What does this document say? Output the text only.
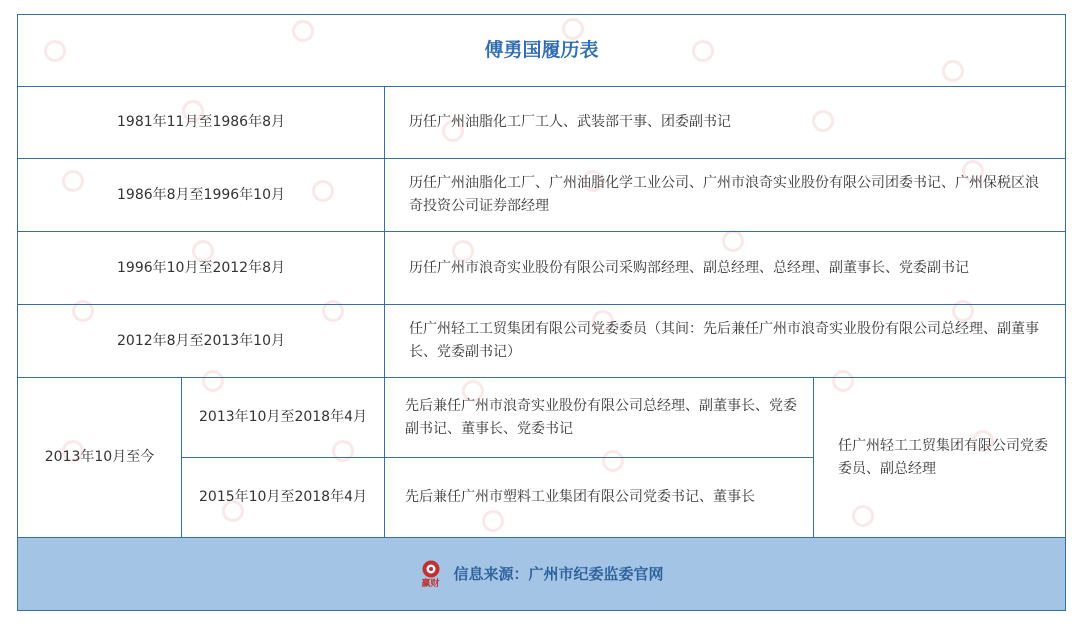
傅勇国履历表			
1981年11月至1986年8月		历任广州油脂化工厂工人、武装部干事、团委副书记	
1986年8月至1996年10月		历任广州油脂化工厂、广州油脂化学工业公司、广州市浪奇实业股份有限公司团委书记、广州保税区浪奇投资公司证券部经理	
1996年10月至2012年8月		历任广州市浪奇实业股份有限公司采购部经理、副总经理、总经理、副董事长、党委副书记	
2012年8月至2013年10月		任广州轻工工贸集团有限公司党委委员（其间：先后兼任广州市浪奇实业股份有限公司总经理、副董事长、党委副书记）	
2013年10月至今	2013年10月至2018年4月	先后兼任广州市浪奇实业股份有限公司总经理、副董事长、党委副书记、董事长、党委书记	任广州轻工工贸集团有限公司党委委员、副总经理
	2015年10月至2018年4月	先后兼任广州市塑料工业集团有限公司党委书记、董事长	

赢财
信息来源：广州市纪委监委官网			
